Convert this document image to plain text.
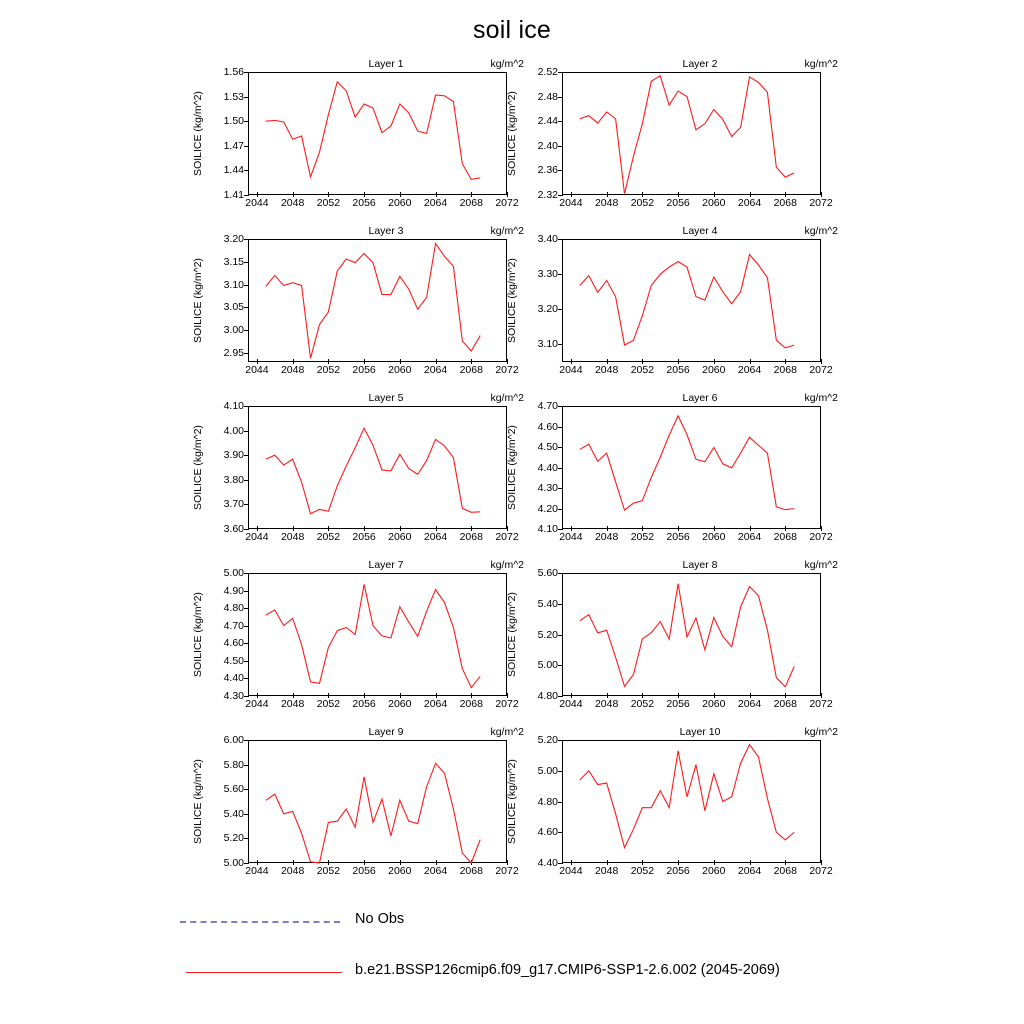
soil ice
Layer 1	kg/m^2
SOILICE (kg/m^2)
1.41
1.44
1.47
1.50
1.53
1.56
2044 2048 2052 2056 2060 2064 2068 2072
Layer 2	kg/m^2
SOILICE (kg/m^2)
2.32
2.36
2.40
2.44
2.48
2.52
2044 2048 2052 2056 2060 2064 2068 2072
Layer 3	kg/m^2
SOILICE (kg/m^2)
2.95
3.00
3.05
3.10
3.15
3.20
2044 2048 2052 2056 2060 2064 2068 2072
Layer 4	kg/m^2
SOILICE (kg/m^2)
3.10
3.20
3.30
3.40
2044 2048 2052 2056 2060 2064 2068 2072
Layer 5	kg/m^2
SOILICE (kg/m^2)
3.60
3.70
3.80
3.90
4.00
4.10
2044 2048 2052 2056 2060 2064 2068 2072
Layer 6	kg/m^2
SOILICE (kg/m^2)
4.10
4.20
4.30
4.40
4.50
4.60
4.70
2044 2048 2052 2056 2060 2064 2068 2072
Layer 7	kg/m^2
SOILICE (kg/m^2)
4.30
4.40
4.50
4.60
4.70
4.80
4.90
5.00
2044 2048 2052 2056 2060 2064 2068 2072
Layer 8	kg/m^2
SOILICE (kg/m^2)
4.80
5.00
5.20
5.40
5.60
2044 2048 2052 2056 2060 2064 2068 2072
Layer 9	kg/m^2
SOILICE (kg/m^2)
5.00
5.20
5.40
5.60
5.80
6.00
2044 2048 2052 2056 2060 2064 2068 2072
Layer 10	kg/m^2
SOILICE (kg/m^2)
4.40
4.60
4.80
5.00
5.20
2044 2048 2052 2056 2060 2064 2068 2072
No Obs
b.e21.BSSP126cmip6.f09_g17.CMIP6-SSP1-2.6.002 (2045-2069)
